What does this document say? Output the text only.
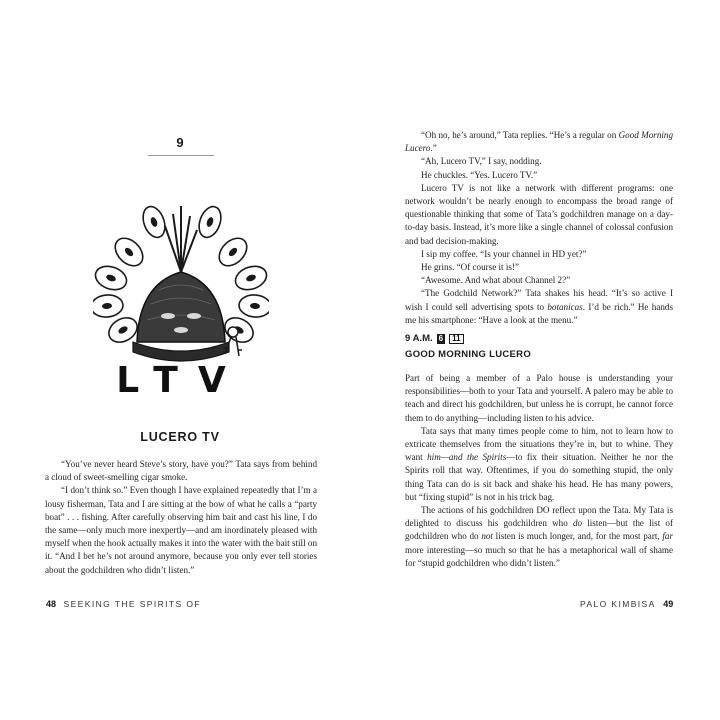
9
LTV
LUCERO TV

“You’ve never heard Steve’s story, have you?” Tata says from behind a cloud of sweet-smelling cigar smoke.

“I don’t think so.” Even though I have explained repeatedly that I’m a lousy fisherman, Tata and I are sitting at the bow of what he calls a “party boat” . . . fishing. After carefully observing him bait and cast his line, I do the same—only much more inexpertly—and am inordinately pleased with myself when the hook actually makes it into the water with the bait still on it. “And I bet he’s not around anymore, because you only ever tell stories about the godchildren who didn’t listen.”

48 SEEKING THE SPIRITS OF

“Oh no, he’s around,” Tata replies. “He’s a regular on Good Morning Lucero.”

“Ah, Lucero TV,” I say, nodding.

He chuckles. “Yes. Lucero TV.”

Lucero TV is not like a network with different programs: one network wouldn’t be nearly enough to encompass the broad range of questionable thinking that some of Tata’s godchildren manage on a day-to-day basis. Instead, it’s more like a single channel of colossal confusion and bad decision-making.

I sip my coffee. “Is your channel in HD yet?”

He grins. “Of course it is!”

“Awesome. And what about Channel 2?”

“The Godchild Network?” Tata shakes his head. “It’s so active I wish I could sell advertising spots to botanicas. I’d be rich.” He hands me his smartphone: “Have a look at the menu.”

9 A.M. 6	11
GOOD MORNING LUCERO

Part of being a member of a Palo house is understanding your responsibilities—both to your Tata and yourself. A palero may be able to teach and direct his godchildren, but unless he is corrupt, he cannot force them to do anything—including listen to his advice.

Tata says that many times people come to him, not to learn how to extricate themselves from the situations they’re in, but to whine. They want him—and the Spirits—to fix their situation. Neither he nor the Spirits roll that way. Oftentimes, if you do something stupid, the only thing Tata can do is sit back and shake his head. He has many powers, but “fixing stupid” is not in his trick bag.

The actions of his godchildren DO reflect upon the Tata. My Tata is delighted to discuss his godchildren who do listen—but the list of godchildren who do not listen is much longer, and, for the most part, far more interesting—so much so that he has a metaphorical wall of shame for “stupid godchildren who didn’t listen.”

PALO KIMBISA 49
